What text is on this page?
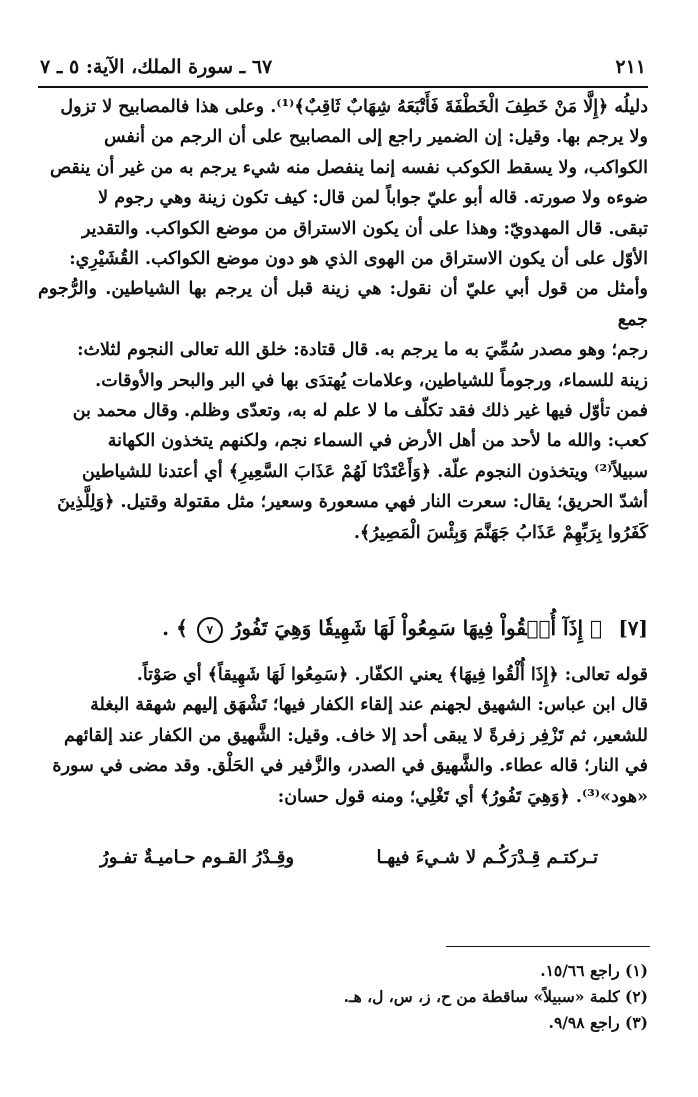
٢١١
٦٧ ـ سورة الملك، الآية: ٥ ـ ٧

دليلُه ﴿إِلَّا مَنْ خَطِفَ الْخَطْفَةَ فَأَتْبَعَهُ شِهَابٌ ثَاقِبٌ﴾⁽¹⁾. وعلى هذا فالمصابيح لا تزول

ولا يرجم بها. وقيل: إن الضمير راجع إلى المصابيح على أن الرجم من أنفس

الكواكب، ولا يسقط الكوكب نفسه إنما ينفصل منه شيء يرجم به من غير أن ينقص

ضوءه ولا صورته. قاله أبو عليّ جواباً لمن قال: كيف تكون زينة وهي رجوم لا

تبقى. قال المهدويّ: وهذا على أن يكون الاستراق من موضع الكواكب. والتقدير

الأوّل على أن يكون الاستراق من الهوى الذي هو دون موضع الكواكب. القُشَيْرِي:

وأمثل من قول أبي عليّ أن نقول: هي زينة قبل أن يرجم بها الشياطين. والرُّجوم جمع

رجم؛ وهو مصدر سُمِّيَ به ما يرجم به. قال قتادة: خلق الله تعالى النجوم لثلاث:

زينة للسماء، ورجوماً للشياطين، وعلامات يُهتدَى بها في البر والبحر والأوقات.

فمن تأوّل فيها غير ذلك فقد تكلّف ما لا علم له به، وتعدّى وظلم. وقال محمد بن

كعب: والله ما لأحد من أهل الأرض في السماء نجم، ولكنهم يتخذون الكهانة

سبيلاً⁽²⁾ ويتخذون النجوم علّة. ﴿وَأَعْتَدْنَا لَهُمْ عَذَابَ السَّعِيرِ﴾ أي أعتدنا للشياطين

أشدّ الحريق؛ يقال: سعرت النار فهي مسعورة وسعير؛ مثل مقتولة وقتيل. ﴿وَلِلَّذِينَ

كَفَرُوا بِرَبِّهِمْ عَذَابُ جَهَنَّمَ وَبِئْسَ الْمَصِيرُ﴾.

[٧]
﴿ إِذَآ أُلۡقُواْ فِيهَا سَمِعُواْ لَهَا شَهِيقٗا وَهِيَ تَفُورُ ٧ ﴾ .

قوله تعالى: ﴿إِذَا أُلْقُوا فِيهَا﴾ يعني الكفّار. ﴿سَمِعُوا لَهَا شَهِيقاً﴾ أي صَوْتاً.

قال ابن عباس: الشهيق لجهنم عند إلقاء الكفار فيها؛ تَشْهَق إليهم شهقة البغلة

للشعير، ثم تَزْفِر زفرةً لا يبقى أحد إلا خاف. وقيل: الشَّهيق من الكفار عند إلقائهم

في النار؛ قاله عطاء. والشَّهيق في الصدر، والزَّفير في الحَلْق. وقد مضى في سورة

«هود»⁽³⁾. ﴿وَهِيَ تَفُورُ﴾ أي تَغْلِي؛ ومنه قول حسان:

تـركتـم قِـدْرَكُـم لا شـيءَ فيهـا
وقِـدْرُ القـوم حـاميـةٌ تفـورُ
(١) راجع ١٥/٦٦.
(٢) كلمة «سبيلاً» ساقطة من ح، ز، س، ل، هـ.
(٣) راجع ٩/٩٨.
